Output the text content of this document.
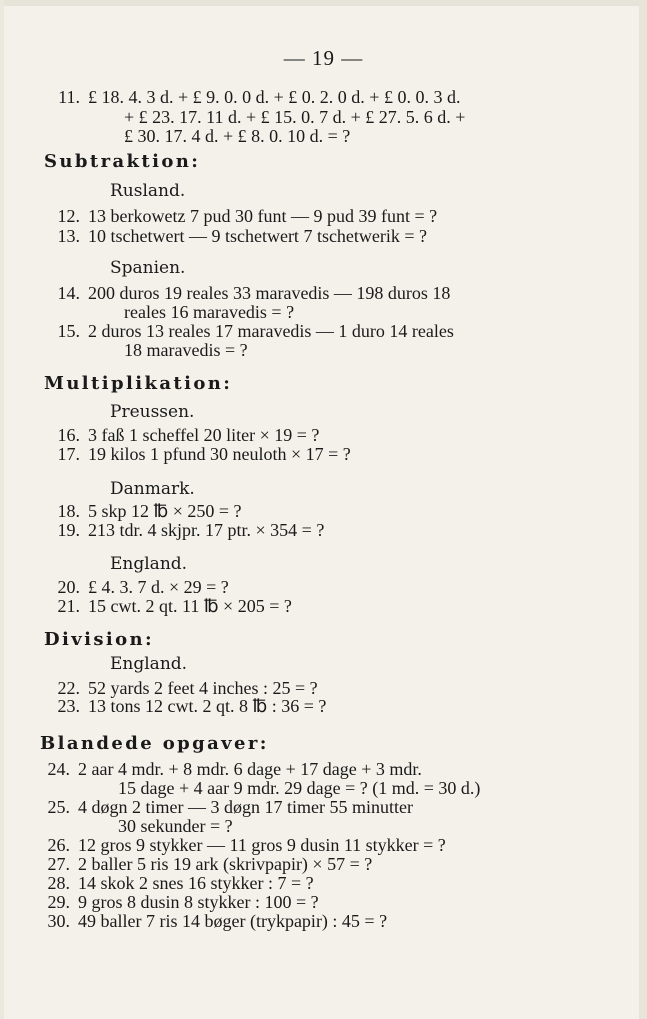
— 19 —
11. £ 18. 4. 3 d. + £ 9. 0. 0 d. + £ 0. 2. 0 d. + £ 0. 0. 3 d.
+ £ 23. 17. 11 d. + £ 15. 0. 7 d. + £ 27. 5. 6 d. +
£ 30. 17. 4 d. + £ 8. 0. 10 d. = ?
Subtraktion:
Rusland.
12. 13 berkowetz 7 pud 30 funt — 9 pud 39 funt = ?
13. 10 tschetwert — 9 tschetwert 7 tschetwerik = ?
Spanien.
14. 200 duros 19 reales 33 maravedis — 198 duros 18
reales 16 maravedis = ?
15. 2 duros 13 reales 17 maravedis — 1 duro 14 reales
18 maravedis = ?
Multiplikation:
Preussen.
16. 3 faß 1 scheffel 20 liter × 19 = ?
17. 19 kilos 1 pfund 30 neuloth × 17 = ?
Danmark.
18. 5 skp 12 ℔ × 250 = ?
19. 213 tdr. 4 skjpr. 17 ptr. × 354 = ?
England.
20. £ 4. 3. 7 d. × 29 = ?
21. 15 cwt. 2 qt. 11 ℔ × 205 = ?
Division:
England.
22. 52 yards 2 feet 4 inches : 25 = ?
23. 13 tons 12 cwt. 2 qt. 8 ℔ : 36 = ?
Blandede opgaver:
24. 2 aar 4 mdr. + 8 mdr. 6 dage + 17 dage + 3 mdr.
15 dage + 4 aar 9 mdr. 29 dage = ? (1 md. = 30 d.)
25. 4 døgn 2 timer — 3 døgn 17 timer 55 minutter
30 sekunder = ?
26. 12 gros 9 stykker — 11 gros 9 dusin 11 stykker = ?
27. 2 baller 5 ris 19 ark (skrivpapir) × 57 = ?
28. 14 skok 2 snes 16 stykker : 7 = ?
29. 9 gros 8 dusin 8 stykker : 100 = ?
30. 49 baller 7 ris 14 bøger (trykpapir) : 45 = ?
